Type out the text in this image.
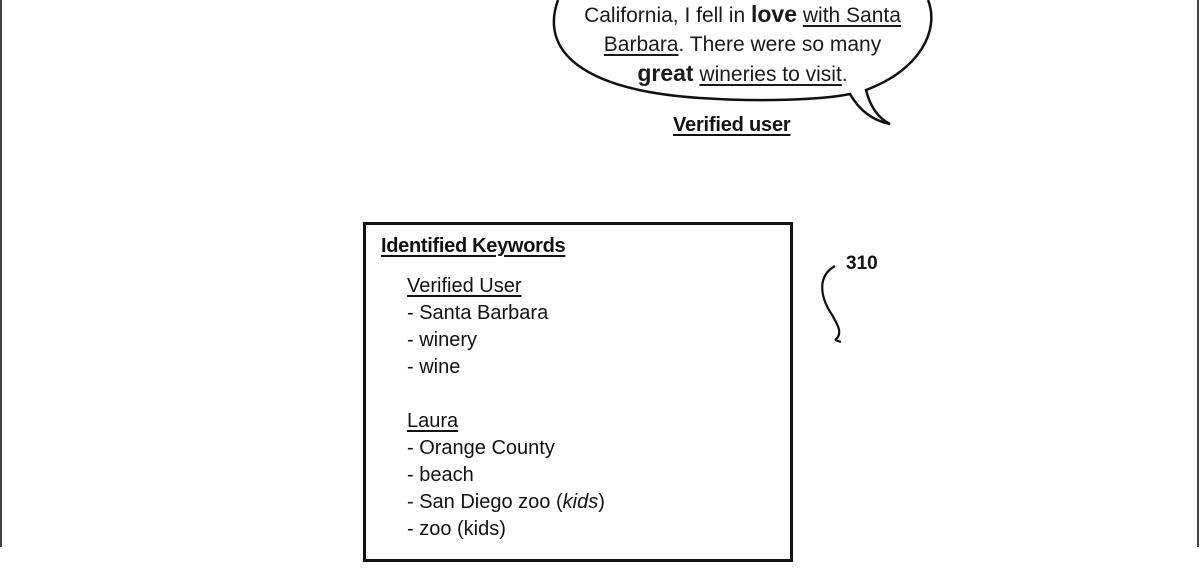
California, I fell in love with Santa
Barbara. There were so many
great wineries to visit.
Verified user
Identified Keywords
Verified User
- Santa Barbara
- winery
- wine
Laura
- Orange County
- beach
- San Diego zoo (kids)
- zoo (kids)
310
